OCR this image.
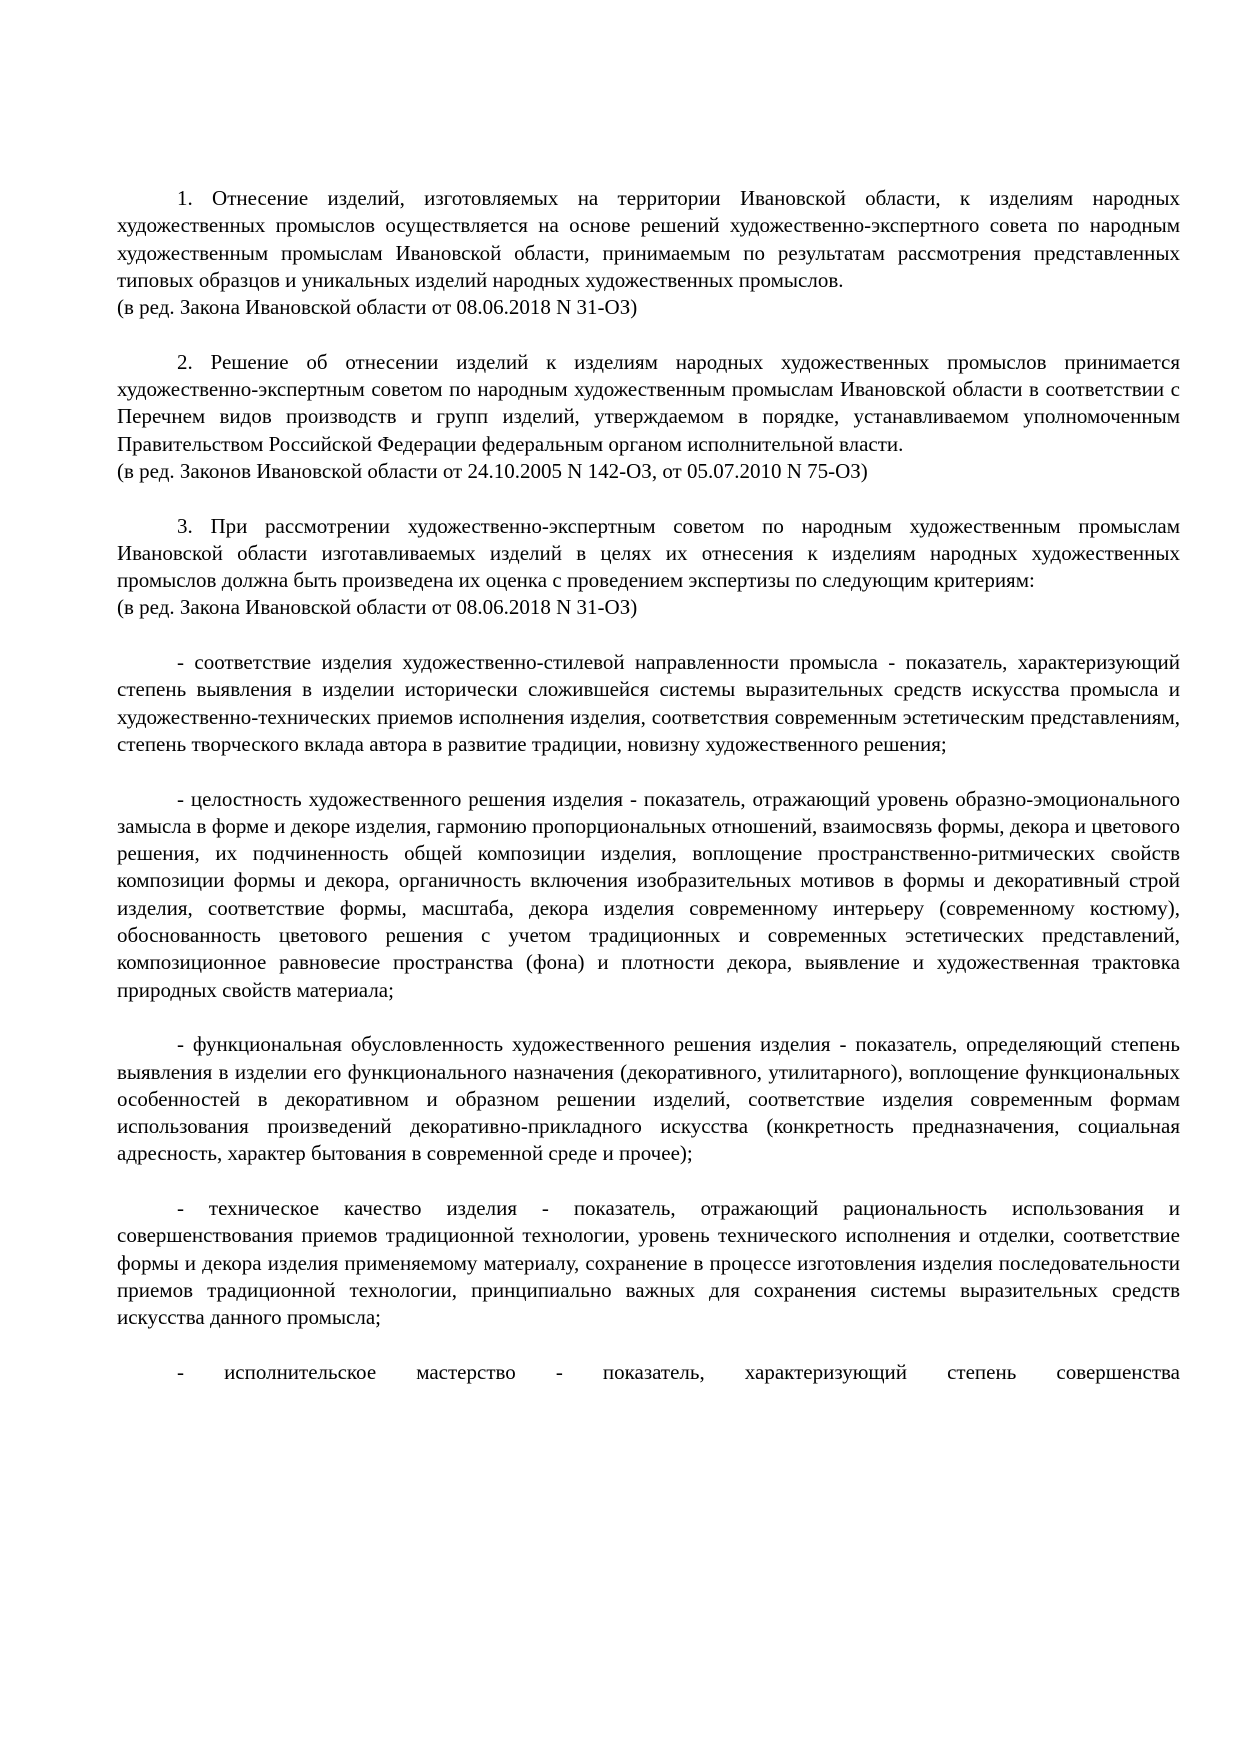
1. Отнесение изделий, изготовляемых на территории Ивановской области, к изделиям народных художественных промыслов осуществляется на основе решений художественно-экспертного совета по народным художественным промыслам Ивановской области, принимаемым по результатам рассмотрения представленных типовых образцов и уникальных изделий народных художественных промыслов.

(в ред. Закона Ивановской области от 08.06.2018 N 31-ОЗ)

2. Решение об отнесении изделий к изделиям народных художественных промыслов принимается художественно-экспертным советом по народным художественным промыслам Ивановской области в соответствии с Перечнем видов производств и групп изделий, утверждаемом в порядке, устанавливаемом уполномоченным Правительством Российской Федерации федеральным органом исполнительной власти.

(в ред. Законов Ивановской области от 24.10.2005 N 142-ОЗ, от 05.07.2010 N 75-ОЗ)

3. При рассмотрении художественно-экспертным советом по народным художественным промыслам Ивановской области изготавливаемых изделий в целях их отнесения к изделиям народных художественных промыслов должна быть произведена их оценка с проведением экспертизы по следующим критериям:

(в ред. Закона Ивановской области от 08.06.2018 N 31-ОЗ)

- соответствие изделия художественно-стилевой направленности промысла - показатель, характеризующий степень выявления в изделии исторически сложившейся системы выразительных средств искусства промысла и художественно-технических приемов исполнения изделия, соответствия современным эстетическим представлениям, степень творческого вклада автора в развитие традиции, новизну художественного решения;

- целостность художественного решения изделия - показатель, отражающий уровень образно-эмоционального замысла в форме и декоре изделия, гармонию пропорциональных отношений, взаимосвязь формы, декора и цветового решения, их подчиненность общей композиции изделия, воплощение пространственно-ритмических свойств композиции формы и декора, органичность включения изобразительных мотивов в формы и декоративный строй изделия, соответствие формы, масштаба, декора изделия современному интерьеру (современному костюму), обоснованность цветового решения с учетом традиционных и современных эстетических представлений, композиционное равновесие пространства (фона) и плотности декора, выявление и художественная трактовка природных свойств материала;

- функциональная обусловленность художественного решения изделия - показатель, определяющий степень выявления в изделии его функционального назначения (декоративного, утилитарного), воплощение функциональных особенностей в декоративном и образном решении изделий, соответствие изделия современным формам использования произведений декоративно-прикладного искусства (конкретность предназначения, социальная адресность, характер бытования в современной среде и прочее);

- техническое качество изделия - показатель, отражающий рациональность использования и совершенствования приемов традиционной технологии, уровень технического исполнения и отделки, соответствие формы и декора изделия применяемому материалу, сохранение в процессе изготовления изделия последовательности приемов традиционной технологии, принципиально важных для сохранения системы выразительных средств искусства данного промысла;

- исполнительское мастерство - показатель, характеризующий степень совершенства
